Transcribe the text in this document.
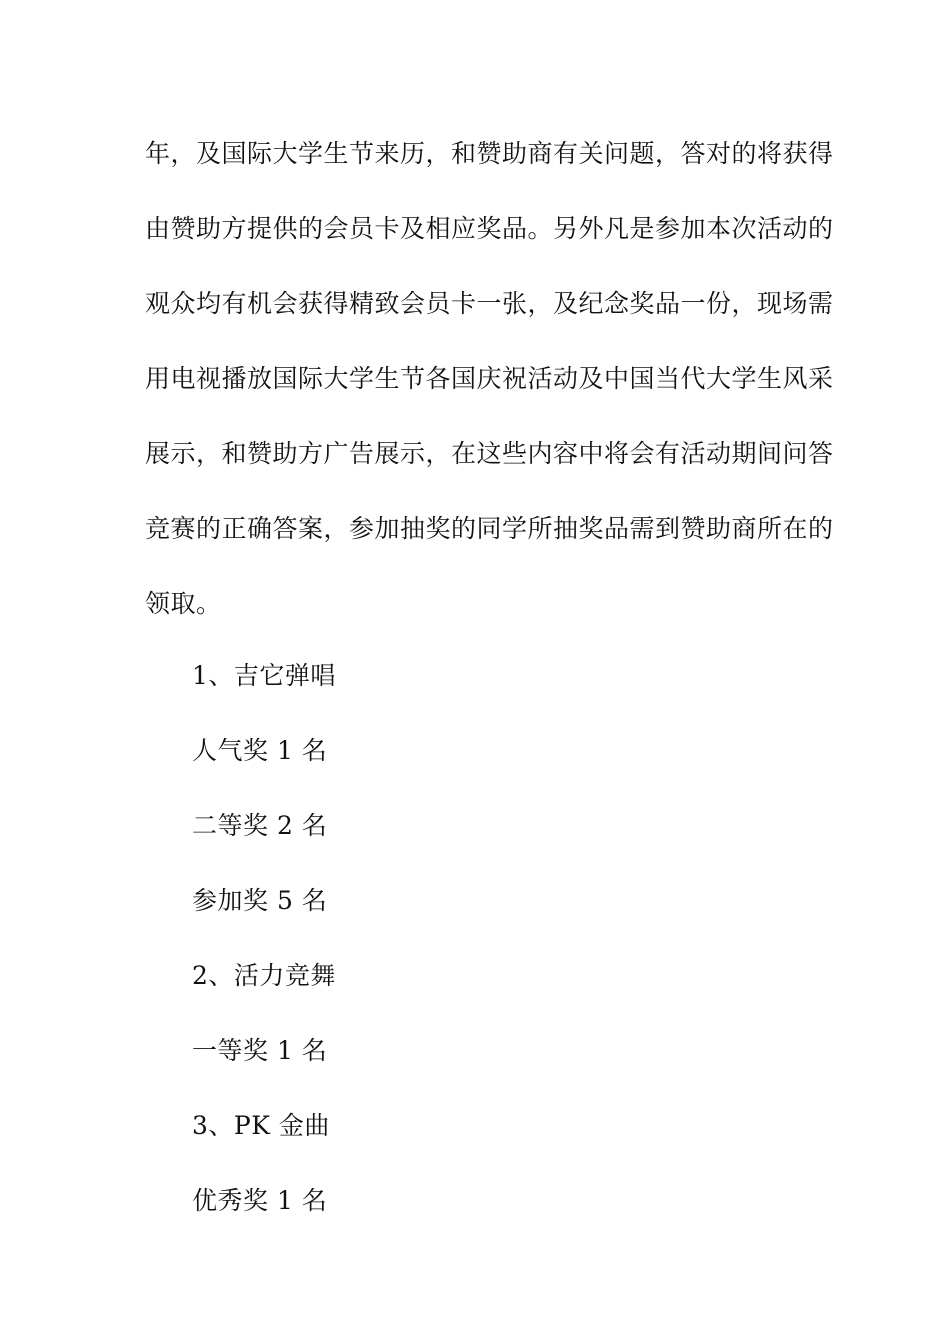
年，及国际大学生节来历，和赞助商有关问题，答对的将获得
由赞助方提供的会员卡及相应奖品。另外凡是参加本次活动的
观众均有机会获得精致会员卡一张，及纪念奖品一份，现场需
用电视播放国际大学生节各国庆祝活动及中国当代大学生风采
展示，和赞助方广告展示，在这些内容中将会有活动期间问答
竞赛的正确答案，参加抽奖的同学所抽奖品需到赞助商所在的
领取。
1、吉它弹唱
人气奖 1 名
二等奖 2 名
参加奖 5 名
2、活力竞舞
一等奖 1 名
3、PK 金曲
优秀奖 1 名
